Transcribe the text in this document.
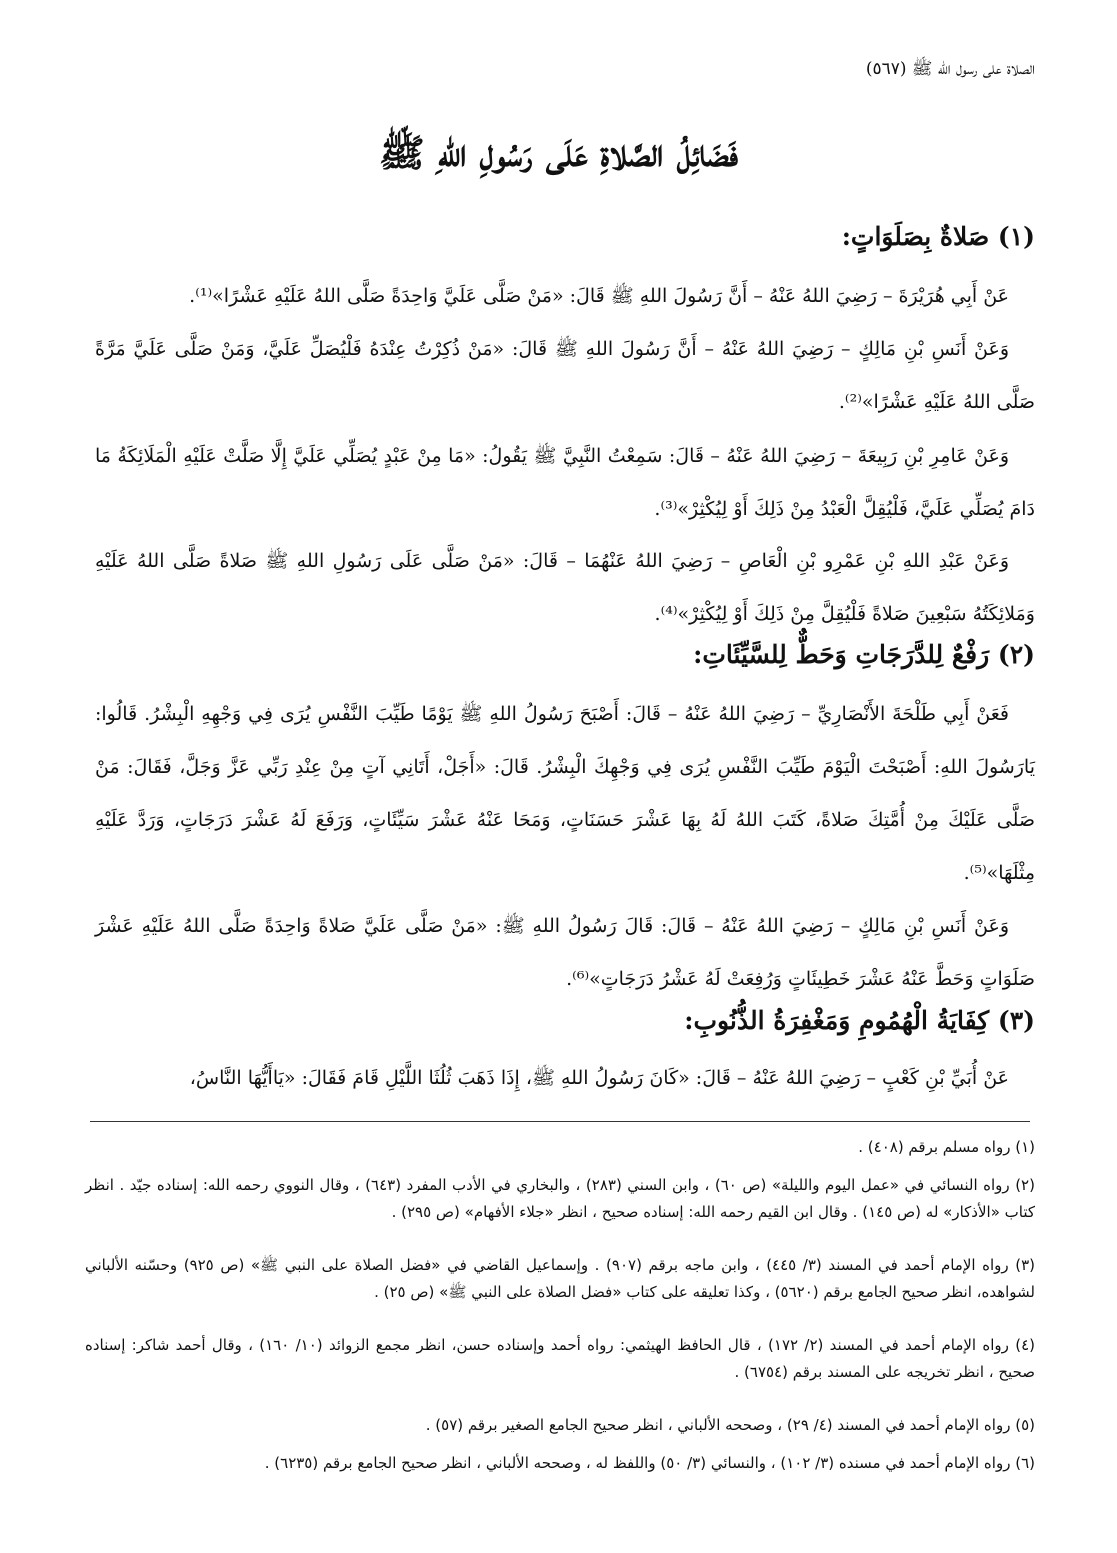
الصلاة على رسول الله ﷺ (٥٦٧)
فَضَائِلُ الصَّلاةِ عَلَى رَسُولِ اللهِ ﷺ
(١) صَلاةٌ بِصَلَوَاتٍ:

عَنْ أَبِي هُرَيْرَةَ – رَضِيَ اللهُ عَنْهُ – أَنَّ رَسُولَ اللهِ ﷺ قَالَ: «مَنْ صَلَّى عَلَيَّ وَاحِدَةً صَلَّى اللهُ عَلَيْهِ عَشْرًا»⁽¹⁾.

وَعَنْ أَنَسِ بْنِ مَالِكٍ – رَضِيَ اللهُ عَنْهُ – أَنَّ رَسُولَ اللهِ ﷺ قَالَ: «مَنْ ذُكِرْتُ عِنْدَهُ فَلْيُصَلِّ عَلَيَّ، وَمَنْ صَلَّى عَلَيَّ مَرَّةً صَلَّى اللهُ عَلَيْهِ عَشْرًا»⁽²⁾.

وَعَنْ عَامِرِ بْنِ رَبِيعَةَ – رَضِيَ اللهُ عَنْهُ – قَالَ: سَمِعْتُ النَّبِيَّ ﷺ يَقُولُ: «مَا مِنْ عَبْدٍ يُصَلِّي عَلَيَّ إِلَّا صَلَّتْ عَلَيْهِ الْمَلَائِكَةُ مَا دَامَ يُصَلِّي عَلَيَّ، فَلْيُقِلَّ الْعَبْدُ مِنْ ذَلِكَ أَوْ لِيُكْثِرْ»⁽³⁾.

وَعَنْ عَبْدِ اللهِ بْنِ عَمْرِو بْنِ الْعَاصِ – رَضِيَ اللهُ عَنْهُمَا – قَالَ: «مَنْ صَلَّى عَلَى رَسُولِ اللهِ ﷺ صَلاةً صَلَّى اللهُ عَلَيْهِ وَمَلائِكَتُهُ سَبْعِينَ صَلاةً فَلْيُقِلَّ مِنْ ذَلِكَ أَوْ لِيُكْثِرْ»⁽⁴⁾.

(٢) رَفْعٌ لِلدَّرَجَاتِ وَحَطٌّ لِلسَّيِّئَاتِ:

فَعَنْ أَبِي طَلْحَةَ الأَنْصَارِيِّ – رَضِيَ اللهُ عَنْهُ – قَالَ: أَصْبَحَ رَسُولُ اللهِ ﷺ يَوْمًا طَيِّبَ النَّفْسِ يُرَى فِي وَجْهِهِ الْبِشْرُ. قَالُوا: يَارَسُولَ اللهِ: أَصْبَحْتَ الْيَوْمَ طَيِّبَ النَّفْسِ يُرَى فِي وَجْهِكَ الْبِشْرُ. قَالَ: «أَجَلْ، أَتَانِي آتٍ مِنْ عِنْدِ رَبِّي عَزَّ وَجَلَّ، فَقَالَ: مَنْ صَلَّى عَلَيْكَ مِنْ أُمَّتِكَ صَلاةً، كَتَبَ اللهُ لَهُ بِهَا عَشْرَ حَسَنَاتٍ، وَمَحَا عَنْهُ عَشْرَ سَيِّئَاتٍ، وَرَفَعَ لَهُ عَشْرَ دَرَجَاتٍ، وَرَدَّ عَلَيْهِ مِثْلَهَا»⁽⁵⁾.

وَعَنْ أَنَسِ بْنِ مَالِكٍ – رَضِيَ اللهُ عَنْهُ – قَالَ: قَالَ رَسُولُ اللهِ ﷺ: «مَنْ صَلَّى عَلَيَّ صَلاةً وَاحِدَةً صَلَّى اللهُ عَلَيْهِ عَشْرَ صَلَوَاتٍ وَحَطَّ عَنْهُ عَشْرَ خَطِيئَاتٍ وَرُفِعَتْ لَهُ عَشْرُ دَرَجَاتٍ»⁽⁶⁾.

(٣) كِفَايَةُ الْهُمُومِ وَمَغْفِرَةُ الذُّنُوبِ:

عَنْ أُبَيِّ بْنِ كَعْبٍ – رَضِيَ اللهُ عَنْهُ – قَالَ: «كَانَ رَسُولُ اللهِ ﷺ، إِذَا ذَهَبَ ثُلُثَا اللَّيْلِ قَامَ فَقَالَ: «يَاأَيُّهَا النَّاسُ،

(١) رواه مسلم برقم (٤٠٨) .

(٢) رواه النسائي في «عمل اليوم والليلة» (ص ٦٠) ، وابن السني (٢٨٣) ، والبخاري في الأدب المفرد (٦٤٣) ، وقال النووي رحمه الله: إسناده جيّد . انظر كتاب «الأذكار» له (ص ١٤٥) . وقال ابن القيم رحمه الله: إسناده صحيح ، انظر «جلاء الأفهام» (ص ٢٩٥) .

(٣) رواه الإمام أحمد في المسند (٣/ ٤٤٥) ، وابن ماجه برقم (٩٠٧) . وإسماعيل القاضي في «فضل الصلاة على النبي ﷺ» (ص ٩٢٥) وحسّنه الألباني لشواهده، انظر صحيح الجامع برقم (٥٦٢٠) ، وكذا تعليقه على كتاب «فضل الصلاة على النبي ﷺ» (ص ٢٥) .

(٤) رواه الإمام أحمد في المسند (٢/ ١٧٢) ، قال الحافظ الهيثمي: رواه أحمد وإسناده حسن، انظر مجمع الزوائد (١٠/ ١٦٠) ، وقال أحمد شاكر: إسناده صحيح ، انظر تخريجه على المسند برقم (٦٧٥٤) .

(٥) رواه الإمام أحمد في المسند (٤/ ٢٩) ، وصححه الألباني ، انظر صحيح الجامع الصغير برقم (٥٧) .

(٦) رواه الإمام أحمد في مسنده (٣/ ١٠٢) ، والنسائي (٣/ ٥٠) واللفظ له ، وصححه الألباني ، انظر صحيح الجامع برقم (٦٢٣٥) .
